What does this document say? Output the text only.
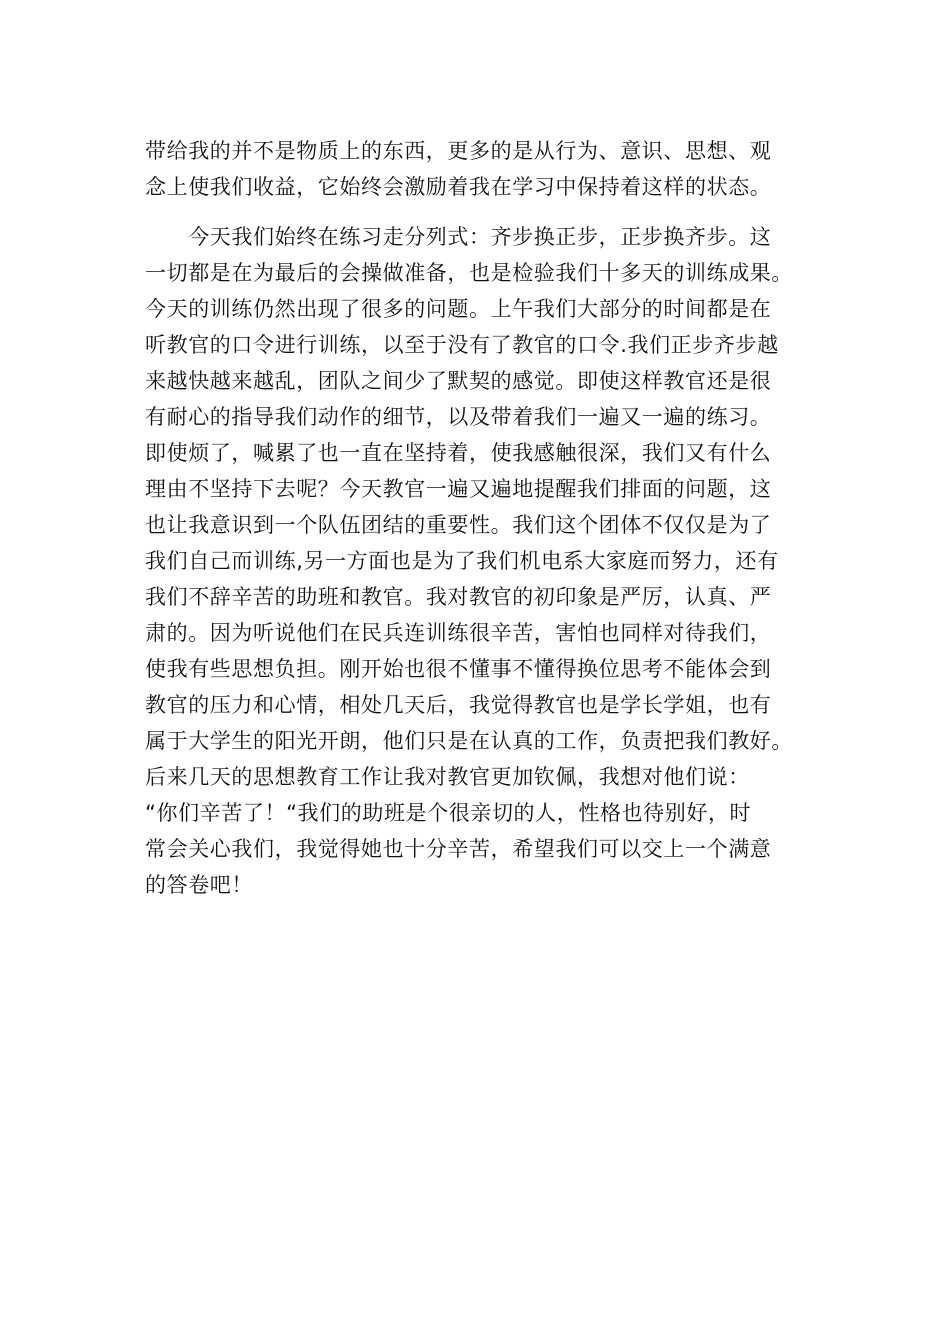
带给我的并不是物质上的东西，更多的是从行为、意识、思想、观
念上使我们收益，它始终会激励着我在学习中保持着这样的状态。
　　今天我们始终在练习走分列式：齐步换正步，正步换齐步。这
一切都是在为最后的会操做准备，也是检验我们十多天的训练成果。
今天的训练仍然出现了很多的问题。上午我们大部分的时间都是在
听教官的口令进行训练，以至于没有了教官的口令.我们正步齐步越
来越快越来越乱，团队之间少了默契的感觉。即使这样教官还是很
有耐心的指导我们动作的细节，以及带着我们一遍又一遍的练习。
即使烦了，喊累了也一直在坚持着，使我感触很深，我们又有什么
理由不坚持下去呢？今天教官一遍又遍地提醒我们排面的问题，这
也让我意识到一个队伍团结的重要性。我们这个团体不仅仅是为了
我们自己而训练,另一方面也是为了我们机电系大家庭而努力，还有
我们不辞辛苦的助班和教官。我对教官的初印象是严厉，认真、严
肃的。因为听说他们在民兵连训练很辛苦，害怕也同样对待我们，
使我有些思想负担。刚开始也很不懂事不懂得换位思考不能体会到
教官的压力和心情，相处几天后，我觉得教官也是学长学姐，也有
属于大学生的阳光开朗，他们只是在认真的工作，负责把我们教好。
后来几天的思想教育工作让我对教官更加钦佩，我想对他们说：
“你们辛苦了！“我们的助班是个很亲切的人，性格也待别好，时
常会关心我们，我觉得她也十分辛苦，希望我们可以交上一个满意
的答卷吧！
